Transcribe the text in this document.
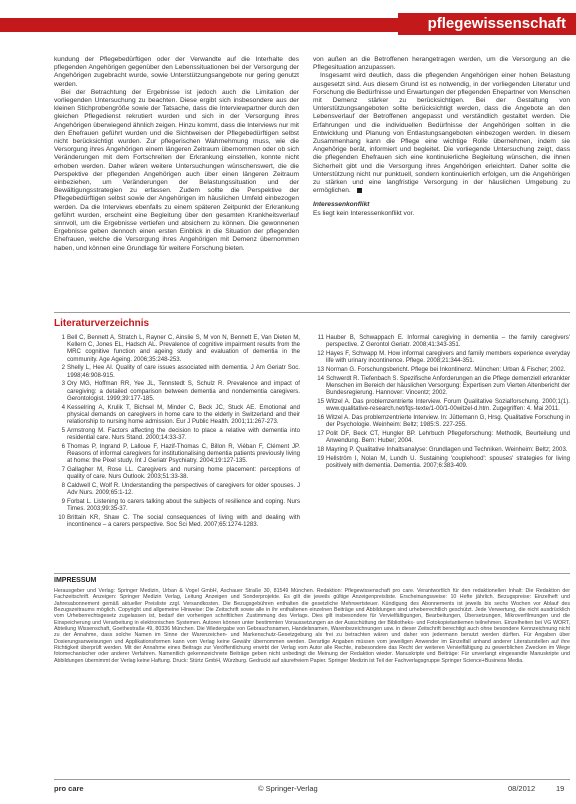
pflegewissenschaft

kundung der Pflegebedürftigen oder der Verwandte auf die Interhalte des pflegenden Angehörigen gegenüber den Lebenssituationen bei der Versorgung der Angehörigen zugebracht wurde, sowie Unterstützungsangebote nur gering genutzt werden.

Bei der Betrachtung der Ergebnisse ist jedoch auch die Limitation der vorliegenden Untersuchung zu beachten. Diese ergibt sich insbesondere aus der kleinen Stichprobengröße sowie der Tatsache, dass die Interviewpartner durch den gleichen Pflegedienst rekrutiert wurden und sich in der Versorgung ihres Angehörigen überwiegend ähnlich zeigen. Hinzu kommt, dass die Interviews nur mit den Ehefrauen geführt wurden und die Sichtweisen der Pflegebedürftigen selbst nicht berücksichtigt wurden. Zur pflegerischen Wahrnehmung muss, wie die Versorgung ihres Angehörigen einem längeren Zeitraum übernommen oder ob sich Veränderungen mit dem Fortschreiten der Erkrankung einstellen, konnte nicht erhoben werden. Daher wären weitere Untersuchungen wünschenswert, die die Perspektive der pflegenden Angehörigen auch über einen längeren Zeitraum einbeziehen, um Veränderungen der Belastungssituation und der Bewältigungsstrategien zu erfassen. Zudem sollte die Perspektive der Pflegebedürftigen selbst sowie der Angehörigen im häuslichen Umfeld einbezogen werden. Da die Interviews ebenfalls zu einem späteren Zeitpunkt der Erkrankung geführt wurden, erscheint eine Begleitung über den gesamten Krankheitsverlauf sinnvoll, um die Ergebnisse vertiefen und absichern zu können. Die gewonnenen Ergebnisse geben dennoch einen ersten Einblick in die Situation der pflegenden Ehefrauen, welche die Versorgung ihres Angehörigen mit Demenz übernommen haben, und können eine Grundlage für weitere Forschung bieten.

von außen an die Betroffenen herangetragen werden, um die Versorgung an die Pflegesituation anzupassen.

Insgesamt wird deutlich, dass die pflegenden Angehörigen einer hohen Belastung ausgesetzt sind. Aus diesem Grund ist es notwendig, in der vorliegenden Literatur und Forschung die Bedürfnisse und Erwartungen der pflegenden Ehepartner von Menschen mit Demenz stärker zu berücksichtigen. Bei der Gestaltung von Unterstützungsangeboten sollte berücksichtigt werden, dass die Angebote an den Lebensverlauf der Betroffenen angepasst und verständlich gestaltet werden. Die Erfahrungen und die individuellen Bedürfnisse der Angehörigen sollten in die Entwicklung und Planung von Entlastungsangeboten einbezogen werden. In diesem Zusammenhang kann die Pflege eine wichtige Rolle übernehmen, indem sie Angehörige berät, informiert und begleitet. Die vorliegende Untersuchung zeigt, dass die pflegenden Ehefrauen sich eine kontinuierliche Begleitung wünschen, die ihnen Sicherheit gibt und die Versorgung ihres Angehörigen erleichtert. Daher sollte die Unterstützung nicht nur punktuell, sondern kontinuierlich erfolgen, um die Angehörigen zu stärken und eine langfristige Versorgung in der häuslichen Umgebung zu ermöglichen.

Interessenkonflikt
Es liegt kein Interessenkonflikt vor.
Literaturverzeichnis
1 Bell C, Bennett A, Stratch L, Rayner C, Ainslie S, M von N, Bennett E, Van Dieten M, Kellern C, Jones EL, Hadsch AL. Prevalence of cognitive impairment results from the MRC cognitive function and ageing study and evaluation of dementia in the community. Age Ageing. 2006;35:248-253.
2 Shelly L, Hee AI. Quality of care issues associated with dementia. J Am Geriatr Soc. 1998;46:908-915.
3 Ory MG, Hoffman RR, Yee JL, Tennstedt S, Schulz R. Prevalence and impact of caregiving: a detailed comparison between dementia and nondementia caregivers. Gerontologist. 1999;39:177-185.
4 Kesselring A, Krulik T, Bichsel M, Minder C, Beck JC, Stuck AE. Emotional and physical demands on caregivers in home care to the elderly in Switzerland and their relationship to nursing home admission. Eur J Public Health. 2001;11:267-273.
5 Armstrong M. Factors affecting the decision to place a relative with dementia into residential care. Nurs Stand. 2000;14:33-37.
6 Thomas P, Ingrand P, Lalloue F, Hazif-Thomas C, Billon R, Viéban F, Clément JP. Reasons of informal caregivers for institutionalising dementia patients previously living at home: the Pixel study. Int J Geriatr Psychiatry. 2004;19:127-135.
7 Gallagher M, Rose LL. Caregivers and nursing home placement: perceptions of quality of care. Nurs Outlook. 2003;51:33-38.
8 Caldwell C, Wolf R. Understanding the perspectives of caregivers for older spouses. J Adv Nurs. 2009;65:1-12.
9 Forbat L. Listening to carers talking about the subjects of resilience and coping. Nurs Times. 2003;99:35-37.
10 Brittain KR, Shaw C. The social consequences of living with and dealing with incontinence – a carers perspective. Soc Sci Med. 2007;65:1274-1283.
11 Hauber B, Schwappach E. Informal caregiving in dementia – the family caregivers' perspective. Z Gerontol Geriatr. 2008;41:343-351.
12 Hayes F, Schwapp M. How informal caregivers and family members experience everyday life with urinary incontinence. Pflege. 2008;21:344-351.
13 Norman G. Forschungsbericht. Pflege bei Inkontinenz. München: Urban & Fischer; 2002.
14 Schwerdt R. Tiefenbach S. Spezifische Anforderungen an die Pflege demenziell erkrankter Menschen im Bereich der häuslichen Versorgung: Expertisen zum Vierten Altenbericht der Bundesregierung. Hannover: Vincentz; 2002.
15 Witzel A. Das problemzentrierte Interview. Forum Qualitative Sozialforschung. 2000;1(1). www.qualitative-research.net/fqs-texte/1-00/1-00witzel-d.htm. Zugegriffen: 4. Mai 2011.
16 Witzel A. Das problemzentrierte Interview. In: Jüttemann G, Hrsg. Qualitative Forschung in der Psychologie. Weinheim: Beltz; 1985:S. 227-255.
17 Polit DF, Beck CT, Hungler BP. Lehrbuch Pflegeforschung: Methodik, Beurteilung und Anwendung. Bern: Huber; 2004.
18 Mayring P. Qualitative Inhaltsanalyse: Grundlagen und Techniken. Weinheim: Beltz; 2003.
19 Hellström I, Nolan M, Lundh U. Sustaining 'couplehood': spouses' strategies for living positively with dementia. Dementia. 2007;6:383-409.
IMPRESSUM

Herausgeber und Verlag: Springer Medizin, Urban & Vogel GmbH, Aschauer Straße 30, 81549 München. Redaktion: Pflegewissenschaft pro care. Verantwortlich für den redaktionellen Inhalt: Die Redaktion der Fachzeitschrift. Anzeigen: Springer Medizin Verlag, Leitung Anzeigen und Sonderprojekte. Es gilt die jeweils gültige Anzeigenpreisliste. Erscheinungsweise: 10 Hefte jährlich. Bezugspreise: Einzelheft und Jahresabonnement gemäß aktueller Preisliste zzgl. Versandkosten. Die Bezugsgebühren enthalten die gesetzliche Mehrwertsteuer. Kündigung des Abonnements ist jeweils bis sechs Wochen vor Ablauf des Bezugszeitraums möglich. Copyright und allgemeine Hinweise: Die Zeitschrift sowie alle in ihr enthaltenen einzelnen Beiträge und Abbildungen sind urheberrechtlich geschützt. Jede Verwertung, die nicht ausdrücklich vom Urheberrechtsgesetz zugelassen ist, bedarf der vorherigen schriftlichen Zustimmung des Verlags. Dies gilt insbesondere für Vervielfältigungen, Bearbeitungen, Übersetzungen, Mikroverfilmungen und die Einspeicherung und Verarbeitung in elektronischen Systemen. Autoren können unter bestimmten Voraussetzungen an der Ausschüttung der Bibliotheks- und Fotokopietantiemen teilnehmen. Einzelheiten bei VG WORT, Abteilung Wissenschaft, Goethestraße 49, 80336 München. Die Wiedergabe von Gebrauchsnamen, Handelsnamen, Warenbezeichnungen usw. in dieser Zeitschrift berechtigt auch ohne besondere Kennzeichnung nicht zu der Annahme, dass solche Namen im Sinne der Warenzeichen- und Markenschutz-Gesetzgebung als frei zu betrachten wären und daher von jedermann benutzt werden dürften. Für Angaben über Dosierungsanweisungen und Applikationsformen kann vom Verlag keine Gewähr übernommen werden. Derartige Angaben müssen vom jeweiligen Anwender im Einzelfall anhand anderer Literaturstellen auf ihre Richtigkeit überprüft werden. Mit der Annahme eines Beitrags zur Veröffentlichung erwirbt der Verlag vom Autor alle Rechte, insbesondere das Recht der weiteren Vervielfältigung zu gewerblichen Zwecken im Wege fotomechanischer oder anderer Verfahren. Namentlich gekennzeichnete Beiträge geben nicht unbedingt die Meinung der Redaktion wieder. Manuskripte und Beiträge: Für unverlangt eingesandte Manuskripte und Abbildungen übernimmt der Verlag keine Haftung. Druck: Stürtz GmbH, Würzburg. Gedruckt auf säurefreiem Papier. Springer Medizin ist Teil der Fachverlagsgruppe Springer Science+Business Media.

pro care	© Springer-Verlag	08/2012	19
